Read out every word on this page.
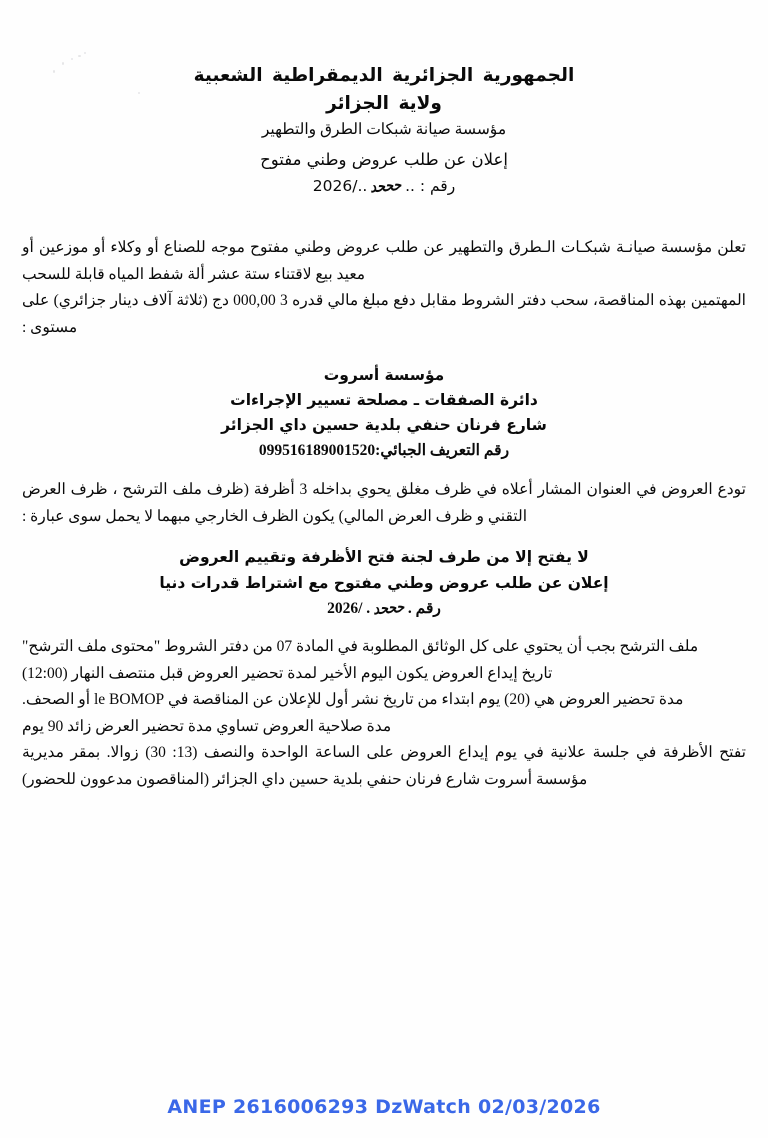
الجمهورية الجزائرية الديمقراطية الشعبية

ولاية الجزائر

مؤسسة صيانة شبكات الطرق والتطهير

إعلان عن طلب عروض وطني مفتوح

رقم : ..حححد../2026

تعلن مؤسسة صيانـة شبكـات الـطرق والتطهير عن طلب عروض وطني مفتوح موجه للصناع أو وكلاء أو موزعين أو معيد بيع لاقتناء ستة عشر ألة شفط المياه قابلة للسحب

المهتمين بهذه المناقصة، سحب دفتر الشروط مقابل دفع مبلغ مالي قدره 3 000,00 دج (ثلاثة آلاف دينار جزائري) على مستوى :

مؤسسة أسروت

دائرة الصفقات ـ مصلحة تسيير الإجراءات

شارع فرنان حنفي بلدية حسين داي الجزائر

رقم التعريف الجبائي:099516189001520

تودع العروض في العنوان المشار أعلاه في ظرف مغلق يحوي بداخله 3 أظرفة (ظرف ملف الترشح ، ظرف العرض التقني و ظرف العرض المالي) يكون الظرف الخارجي مبهما لا يحمل سوى عبارة :

لا يفتح إلا من طرف لجنة فتح الأظرفة وتقييم العروض

إعلان عن طلب عروض وطني مفتوح مع اشتراط قدرات دنيا

رقم .حححد. /2026

ملف الترشح بجب أن يحتوي على كل الوثائق المطلوبة في المادة 07 من دفتر الشروط "محتوى ملف الترشح"

تاريخ إيداع العروض يكون اليوم الأخير لمدة تحضير العروض قبل منتصف النهار (12:00)

مدة تحضير العروض هي (20) يوم ابتداء من تاريخ نشر أول للإعلان عن المناقصة في le BOMOP أو الصحف.

مدة صلاحية العروض تساوي مدة تحضير العرض زائد 90 يوم

تفتح الأظرفة في جلسة علانية في يوم إيداع العروض على الساعة الواحدة والنصف (13: 30) زوالا. بمقر مديرية مؤسسة أسروت شارع فرنان حنفي بلدية حسين داي الجزائر (المناقصون مدعوون للحضور)

ANEP 2616006293 DzWatch 02/03/2026
